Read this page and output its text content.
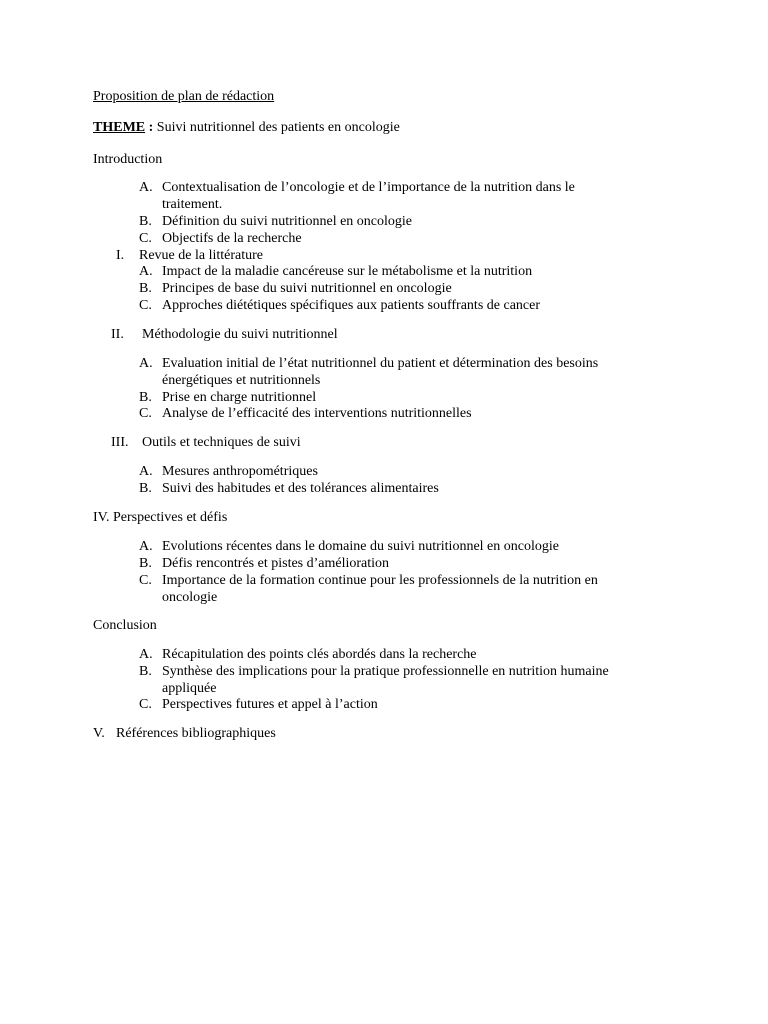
Proposition de plan de rédaction
THEME : Suivi nutritionnel des patients en oncologie
Introduction
A. Contextualisation de l’oncologie et de l’importance de la nutrition dans le
traitement.
B. Définition du suivi nutritionnel en oncologie
C. Objectifs de la recherche
I. Revue de la littérature
A. Impact de la maladie cancéreuse sur le métabolisme et la nutrition
B. Principes de base du suivi nutritionnel en oncologie
C. Approches diététiques spécifiques aux patients souffrants de cancer
II. Méthodologie du suivi nutritionnel
A. Evaluation initial de l’état nutritionnel du patient et détermination des besoins
énergétiques et nutritionnels
B. Prise en charge nutritionnel
C. Analyse de l’efficacité des interventions nutritionnelles
III. Outils et techniques de suivi
A. Mesures anthropométriques
B. Suivi des habitudes et des tolérances alimentaires
IV. Perspectives et défis
A. Evolutions récentes dans le domaine du suivi nutritionnel en oncologie
B. Défis rencontrés et pistes d’amélioration
C. Importance de la formation continue pour les professionnels de la nutrition en
oncologie
Conclusion
A. Récapitulation des points clés abordés dans la recherche
B. Synthèse des implications pour la pratique professionnelle en nutrition humaine
appliquée
C. Perspectives futures et appel à l’action
V. Références bibliographiques
